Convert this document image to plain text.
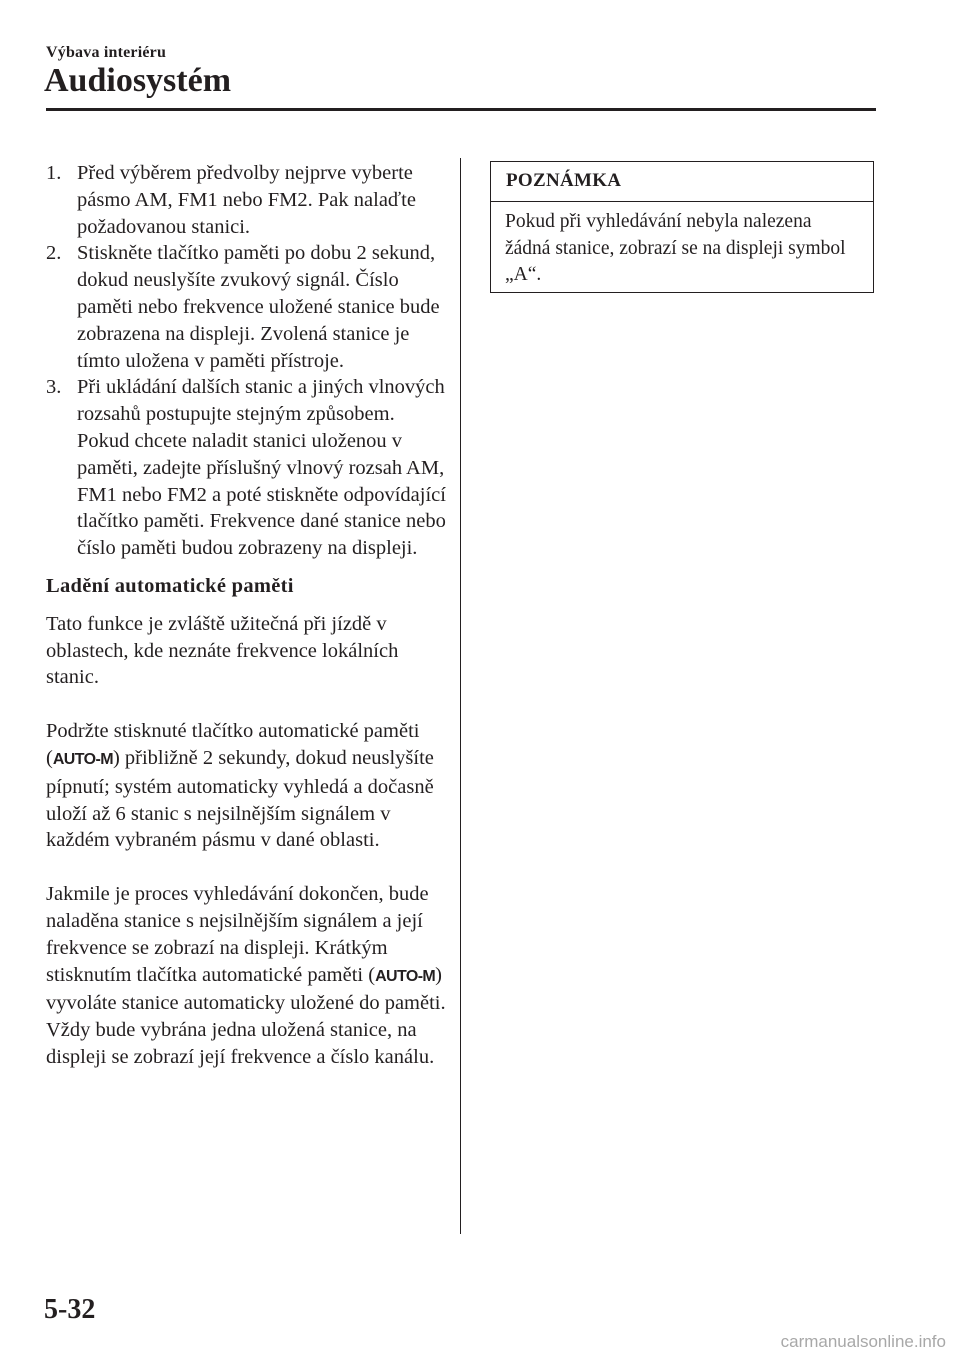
Výbava interiéru
Audiosystém
1. Před výběrem předvolby nejprve vyberte pásmo AM, FM1 nebo FM2. Pak nalaďte požadovanou stanici.
2. Stiskněte tlačítko paměti po dobu 2 sekund, dokud neuslyšíte zvukový signál. Číslo paměti nebo frekvence uložené stanice bude zobrazena na displeji. Zvolená stanice je tímto uložena v paměti přístroje.
3. Při ukládání dalších stanic a jiných vlnových rozsahů postupujte stejným způsobem. Pokud chcete naladit stanici uloženou v paměti, zadejte příslušný vlnový rozsah AM, FM1 nebo FM2 a poté stiskněte odpovídající tlačítko paměti. Frekvence dané stanice nebo číslo paměti budou zobrazeny na displeji.
Ladění automatické paměti

Tato funkce je zvláště užitečná při jízdě v oblastech, kde neznáte frekvence lokálních stanic.

Podržte stisknuté tlačítko automatické paměti (AUTO-M) přibližně 2 sekundy, dokud neuslyšíte pípnutí; systém automaticky vyhledá a dočasně uloží až 6 stanic s nejsilnějším signálem v každém vybraném pásmu v dané oblasti.

Jakmile je proces vyhledávání dokončen, bude naladěna stanice s nejsilnějším signálem a její frekvence se zobrazí na displeji. Krátkým stisknutím tlačítka automatické paměti (AUTO-M) vyvoláte stanice automaticky uložené do paměti. Vždy bude vybrána jedna uložená stanice, na displeji se zobrazí její frekvence a číslo kanálu.

POZNÁMKA
Pokud při vyhledávání nebyla nalezena žádná stanice, zobrazí se na displeji symbol „A“.
5-32
carmanualsonline.info
